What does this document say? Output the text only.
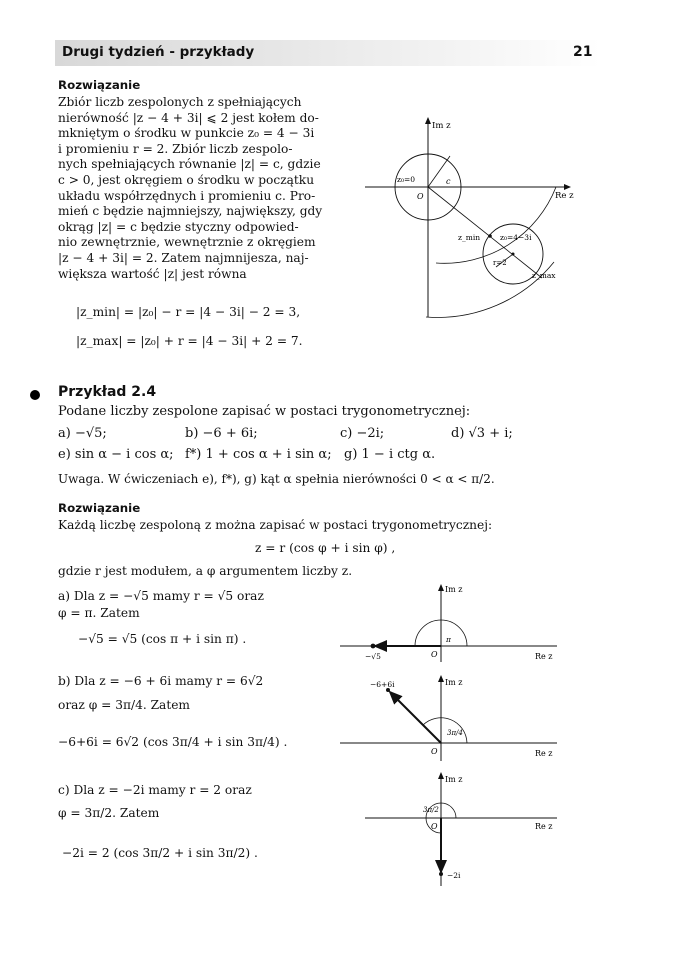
Drugi tydzień - przykłady	21
Rozwiązanie
Zbiór liczb zespolonych z spełniających
nierówność |z − 4 + 3i| ⩽ 2 jest kołem do-
mkniętym o środku w punkcie z₀ = 4 − 3i
i promieniu r = 2. Zbiór liczb zespolo-
nych spełniających równanie |z| = c, gdzie
c > 0, jest okręgiem o środku w początku
układu współrzędnych i promieniu c. Pro-
mień c będzie najmniejszy, największy, gdy
okrąg |z| = c będzie styczny odpowied-
nio zewnętrznie, wewnętrznie z okręgiem
|z − 4 + 3i| = 2. Zatem najmnijesza, naj-
większa wartość |z| jest równa
|z_min| = |z₀| − r = |4 − 3i| − 2 = 3,
|z_max| = |z₀| + r = |4 − 3i| + 2 = 7.
Im z
Re z
O
z₀=0	c
z_min	z₀=4−3i
r=2
z_max
Przykład 2.4
Podane liczby zespolone zapisać w postaci trygonometrycznej:
a) −√5;	b) −6 + 6i;	c) −2i;	d) √3 + i;
e) sin α − i cos α; f*) 1 + cos α + i sin α; g) 1 − i ctg α.
Uwaga. W ćwiczeniach e), f*), g) kąt α spełnia nierówności 0 < α < π/2.
Rozwiązanie
Każdą liczbę zespoloną z można zapisać w postaci trygonometrycznej:
z = r (cos φ + i sin φ) ,
gdzie r jest modułem, a φ argumentem liczby z.
a) Dla z = −√5 mamy r = √5 oraz
φ = π. Zatem
−√5 = √5 (cos π + i sin π) .
Im z
Re z
O
−√5
π
b) Dla z = −6 + 6i mamy r = 6√2
oraz φ = 3π/4. Zatem
−6+6i = 6√2 (cos 3π/4 + i sin 3π/4) .
Im z
Re z
O
−6+6i
3π/4
c) Dla z = −2i mamy r = 2 oraz
φ = 3π/2. Zatem
−2i = 2 (cos 3π/2 + i sin 3π/2) .
Im z
Re z
O
−2i
3π/2
